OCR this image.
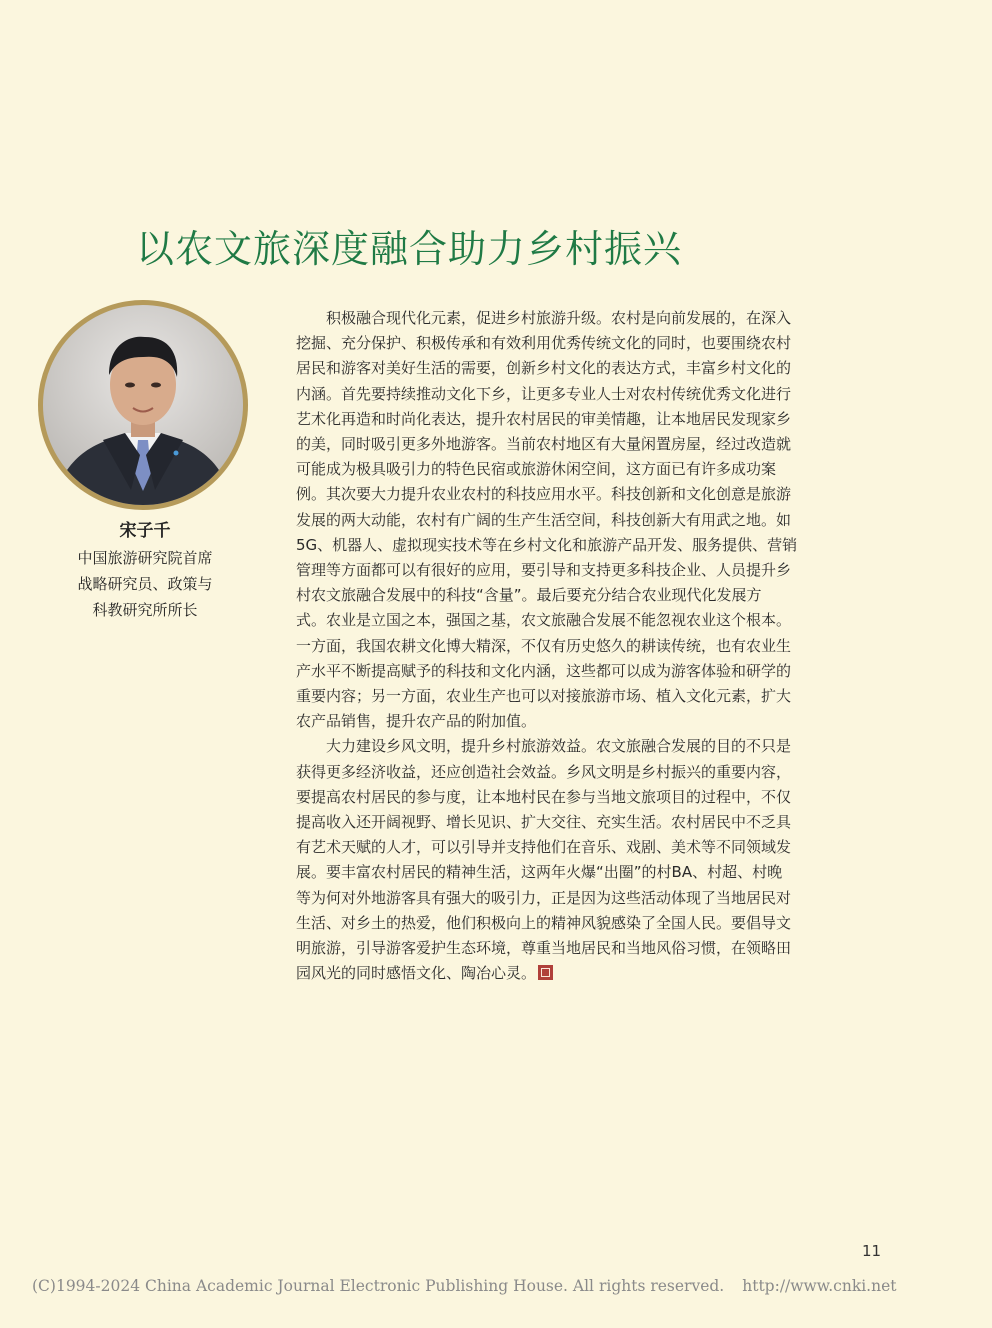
以农文旅深度融合助力乡村振兴
宋子千
中国旅游研究院首席
战略研究员、政策与
科教研究所所长

积极融合现代化元素，促进乡村旅游升级。农村是向前发展的，在深入
挖掘、充分保护、积极传承和有效利用优秀传统文化的同时，也要围绕农村
居民和游客对美好生活的需要，创新乡村文化的表达方式，丰富乡村文化的
内涵。首先要持续推动文化下乡，让更多专业人士对农村传统优秀文化进行
艺术化再造和时尚化表达，提升农村居民的审美情趣，让本地居民发现家乡
的美，同时吸引更多外地游客。当前农村地区有大量闲置房屋，经过改造就
可能成为极具吸引力的特色民宿或旅游休闲空间，这方面已有许多成功案
例。其次要大力提升农业农村的科技应用水平。科技创新和文化创意是旅游
发展的两大动能，农村有广阔的生产生活空间，科技创新大有用武之地。如
5G、机器人、虚拟现实技术等在乡村文化和旅游产品开发、服务提供、营销
管理等方面都可以有很好的应用，要引导和支持更多科技企业、人员提升乡
村农文旅融合发展中的科技“含量”。最后要充分结合农业现代化发展方
式。农业是立国之本，强国之基，农文旅融合发展不能忽视农业这个根本。
一方面，我国农耕文化博大精深，不仅有历史悠久的耕读传统，也有农业生
产水平不断提高赋予的科技和文化内涵，这些都可以成为游客体验和研学的
重要内容；另一方面，农业生产也可以对接旅游市场、植入文化元素，扩大
农产品销售，提升农产品的附加值。

大力建设乡风文明，提升乡村旅游效益。农文旅融合发展的目的不只是
获得更多经济收益，还应创造社会效益。乡风文明是乡村振兴的重要内容，
要提高农村居民的参与度，让本地村民在参与当地文旅项目的过程中，不仅
提高收入还开阔视野、增长见识、扩大交往、充实生活。农村居民中不乏具
有艺术天赋的人才，可以引导并支持他们在音乐、戏剧、美术等不同领域发
展。要丰富农村居民的精神生活，这两年火爆“出圈”的村BA、村超、村晚
等为何对外地游客具有强大的吸引力，正是因为这些活动体现了当地居民对
生活、对乡土的热爱，他们积极向上的精神风貌感染了全国人民。要倡导文
明旅游，引导游客爱护生态环境，尊重当地居民和当地风俗习惯，在领略田
园风光的同时感悟文化、陶冶心灵。

11
(C)1994-2024 China Academic Journal Electronic Publishing House. All rights reserved. http://www.cnki.net
